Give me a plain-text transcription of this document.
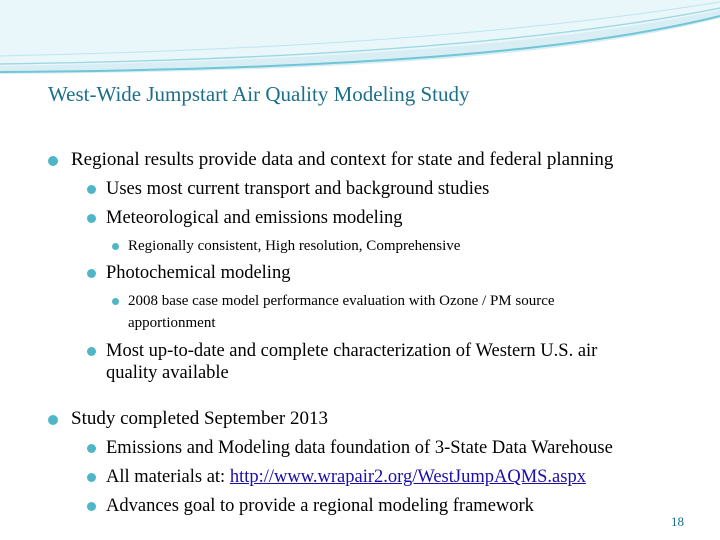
West-Wide Jumpstart Air Quality Modeling Study
Regional results provide data and context for state and federal planning
Uses most current transport and background studies
Meteorological and emissions modeling
Regionally consistent, High resolution, Comprehensive
Photochemical modeling
2008 base case model performance evaluation with Ozone / PM source
apportionment
Most up-to-date and complete characterization of Western U.S. air
quality available
Study completed September 2013
Emissions and Modeling data foundation of 3-State Data Warehouse
All materials at: http://www.wrapair2.org/WestJumpAQMS.aspx
Advances goal to provide a regional modeling framework
18
